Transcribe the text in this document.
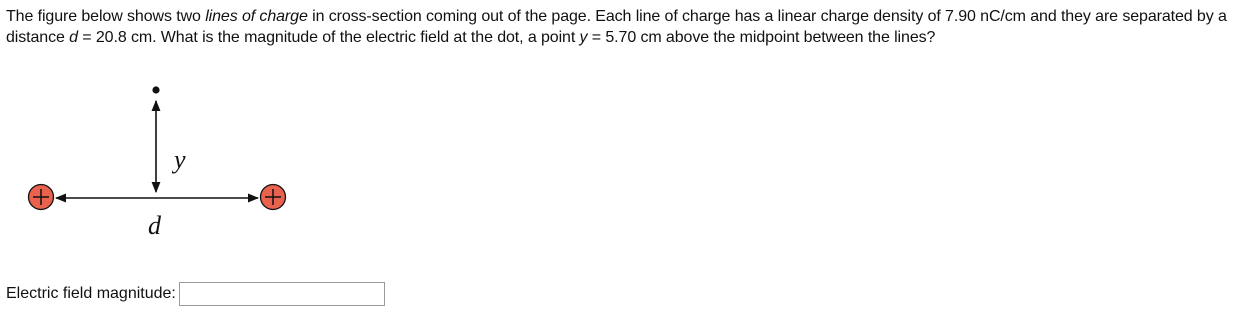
The figure below shows two lines of charge in cross-section coming out of the page. Each line of charge has a linear charge density of 7.90 nC/cm and they are separated by a distance d = 20.8 cm. What is the magnitude of the electric field at the dot, a point y = 5.70 cm above the midpoint between the lines?
y
d
Electric field magnitude:
